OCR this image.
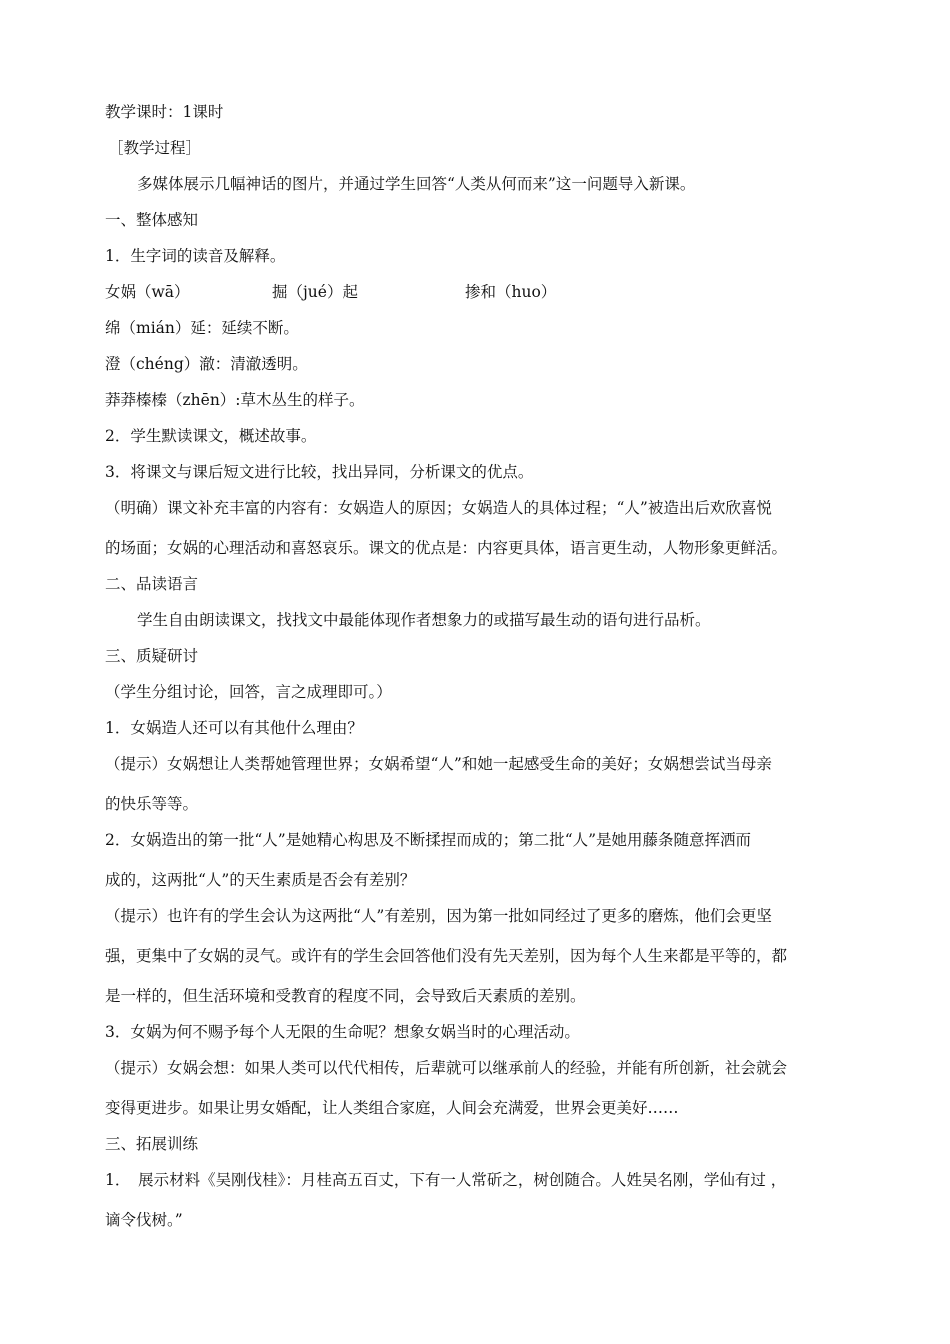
教学课时：1课时
［教学过程］
多媒体展示几幅神话的图片，并通过学生回答“人类从何而来”这一问题导入新课。
一、整体感知
1．生字词的读音及解释。
女娲（wā）	掘（jué）起	掺和（huo）
绵（mián）延：延续不断。
澄（chéng）澈：清澈透明。
莽莽榛榛（zhēn）:草木丛生的样子。
2．学生默读课文，概述故事。
3．将课文与课后短文进行比较，找出异同，分析课文的优点。
（明确）课文补充丰富的内容有：女娲造人的原因；女娲造人的具体过程；“人”被造出后欢欣喜悦
的场面；女娲的心理活动和喜怒哀乐。课文的优点是：内容更具体，语言更生动，人物形象更鲜活。
二、品读语言
学生自由朗读课文，找找文中最能体现作者想象力的或描写最生动的语句进行品析。
三、质疑研讨
（学生分组讨论，回答，言之成理即可。）
1．女娲造人还可以有其他什么理由？
（提示）女娲想让人类帮她管理世界；女娲希望“人”和她一起感受生命的美好；女娲想尝试当母亲
的快乐等等。
2．女娲造出的第一批“人”是她精心构思及不断揉捏而成的；第二批“人”是她用藤条随意挥洒而
成的，这两批“人”的天生素质是否会有差别？
（提示）也许有的学生会认为这两批“人”有差别，因为第一批如同经过了更多的磨炼，他们会更坚
强，更集中了女娲的灵气。或许有的学生会回答他们没有先天差别，因为每个人生来都是平等的，都
是一样的，但生活环境和受教育的程度不同，会导致后天素质的差别。
3．女娲为何不赐予每个人无限的生命呢？想象女娲当时的心理活动。
（提示）女娲会想：如果人类可以代代相传，后辈就可以继承前人的经验，并能有所创新，社会就会
变得更进步。如果让男女婚配，让人类组合家庭，人间会充满爱，世界会更美好……
三、拓展训练
1．　展示材料《吴刚伐桂》：月桂高五百丈，下有一人常斫之，树创随合。人姓吴名刚，学仙有过 ，
谪令伐树。”
